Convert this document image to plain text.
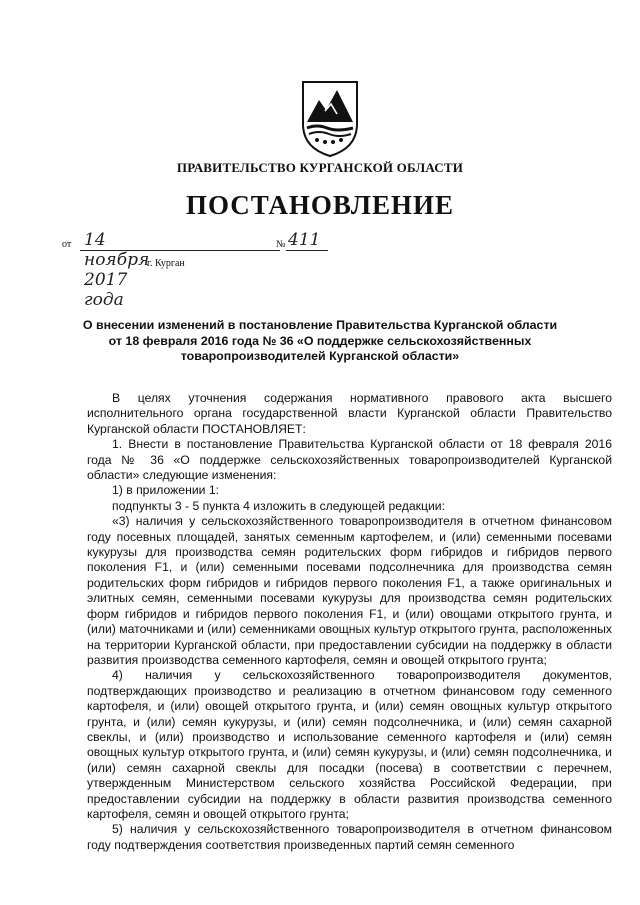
ПРАВИТЕЛЬСТВО КУРГАНСКОЙ ОБЛАСТИ
ПОСТАНОВЛЕНИЕ
от 14 ноября 2017 года
№ 411
г. Курган
О внесении изменений в постановление Правительства Курганской области
от 18 февраля 2016 года № 36 «О поддержке сельскохозяйственных
товаропроизводителей Курганской области»

В целях уточнения содержания нормативного правового акта высшего исполнительного органа государственной власти Курганской области Правительство Курганской области ПОСТАНОВЛЯЕТ:

1. Внести в постановление Правительства Курганской области от 18 февраля 2016 года № 36 «О поддержке сельскохозяйственных товаропроизводителей Курганской области» следующие изменения:

1) в приложении 1:

подпункты 3 - 5 пункта 4 изложить в следующей редакции:

«3) наличия у сельскохозяйственного товаропроизводителя в отчетном финансовом году посевных площадей, занятых семенным картофелем, и (или) семенными посевами кукурузы для производства семян родительских форм гибридов и гибридов первого поколения F1, и (или) семенными посевами подсолнечника для производства семян родительских форм гибридов и гибридов первого поколения F1, а также оригинальных и элитных семян, семенными посевами кукурузы для производства семян родительских форм гибридов и гибридов первого поколения F1, и (или) овощами открытого грунта, и (или) маточниками и (или) семенниками овощных культур открытого грунта, расположенных на территории Курганской области, при предоставлении субсидии на поддержку в области развития производства семенного картофеля, семян и овощей открытого грунта;

4) наличия у сельскохозяйственного товаропроизводителя документов, подтверждающих производство и реализацию в отчетном финансовом году семенного картофеля, и (или) овощей открытого грунта, и (или) семян овощных культур открытого грунта, и (или) семян кукурузы, и (или) семян подсолнечника, и (или) семян сахарной свеклы, и (или) производство и использование семенного картофеля и (или) семян овощных культур открытого грунта, и (или) семян кукурузы, и (или) семян подсолнечника, и (или) семян сахарной свеклы для посадки (посева) в соответствии с перечнем, утвержденным Министерством сельского хозяйства Российской Федерации, при предоставлении субсидии на поддержку в области развития производства семенного картофеля, семян и овощей открытого грунта;

5) наличия у сельскохозяйственного товаропроизводителя в отчетном финансовом году подтверждения соответствия произведенных партий семян семенного
